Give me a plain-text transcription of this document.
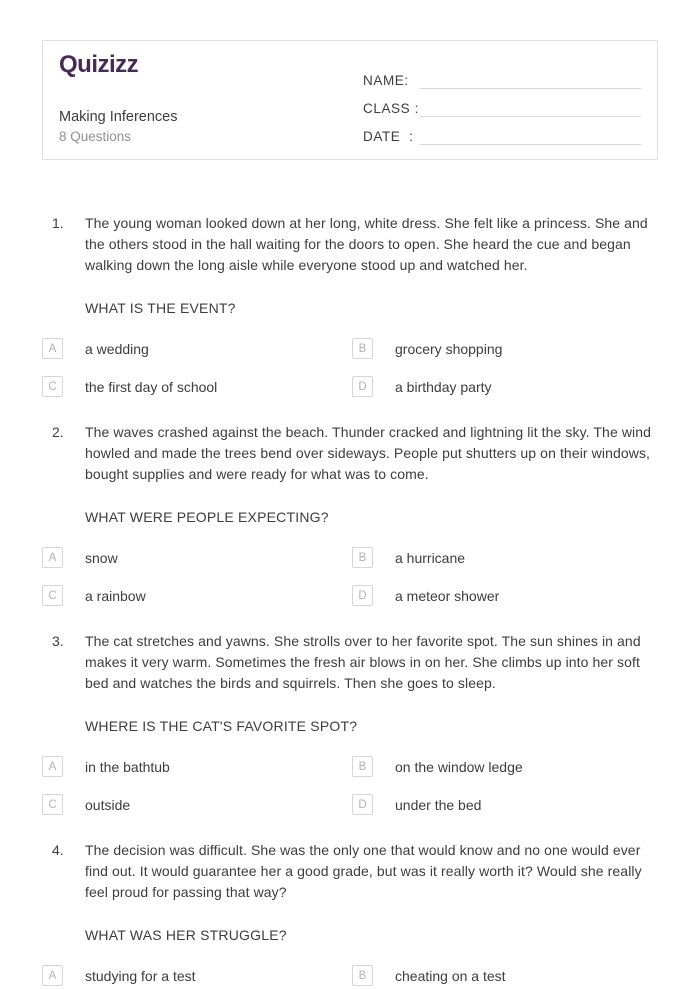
Quizizz
Making Inferences
8 Questions
NAME:
CLASS :
DATE  :
1.	The young woman looked down at her long, white dress. She felt like a princess. She and the others stood in the hall waiting for the doors to open. She heard the cue and began walking down the long aisle while everyone stood up and watched her.
WHAT IS THE EVENT?
A	a wedding	B	grocery shopping
C	the first day of school	D	a birthday party
2.	The waves crashed against the beach. Thunder cracked and lightning lit the sky. The wind howled and made the trees bend over sideways. People put shutters up on their windows, bought supplies and were ready for what was to come.
WHAT WERE PEOPLE EXPECTING?
A	snow	B	a hurricane
C	a rainbow	D	a meteor shower
3.	The cat stretches and yawns. She strolls over to her favorite spot. The sun shines in and makes it very warm. Sometimes the fresh air blows in on her. She climbs up into her soft bed and watches the birds and squirrels. Then she goes to sleep.
WHERE IS THE CAT'S FAVORITE SPOT?
A	in the bathtub	B	on the window ledge
C	outside	D	under the bed
4.	The decision was difficult. She was the only one that would know and no one would ever find out. It would guarantee her a good grade, but was it really worth it? Would she really feel proud for passing that way?
WHAT WAS HER STRUGGLE?
A	studying for a test	B	cheating on a test
